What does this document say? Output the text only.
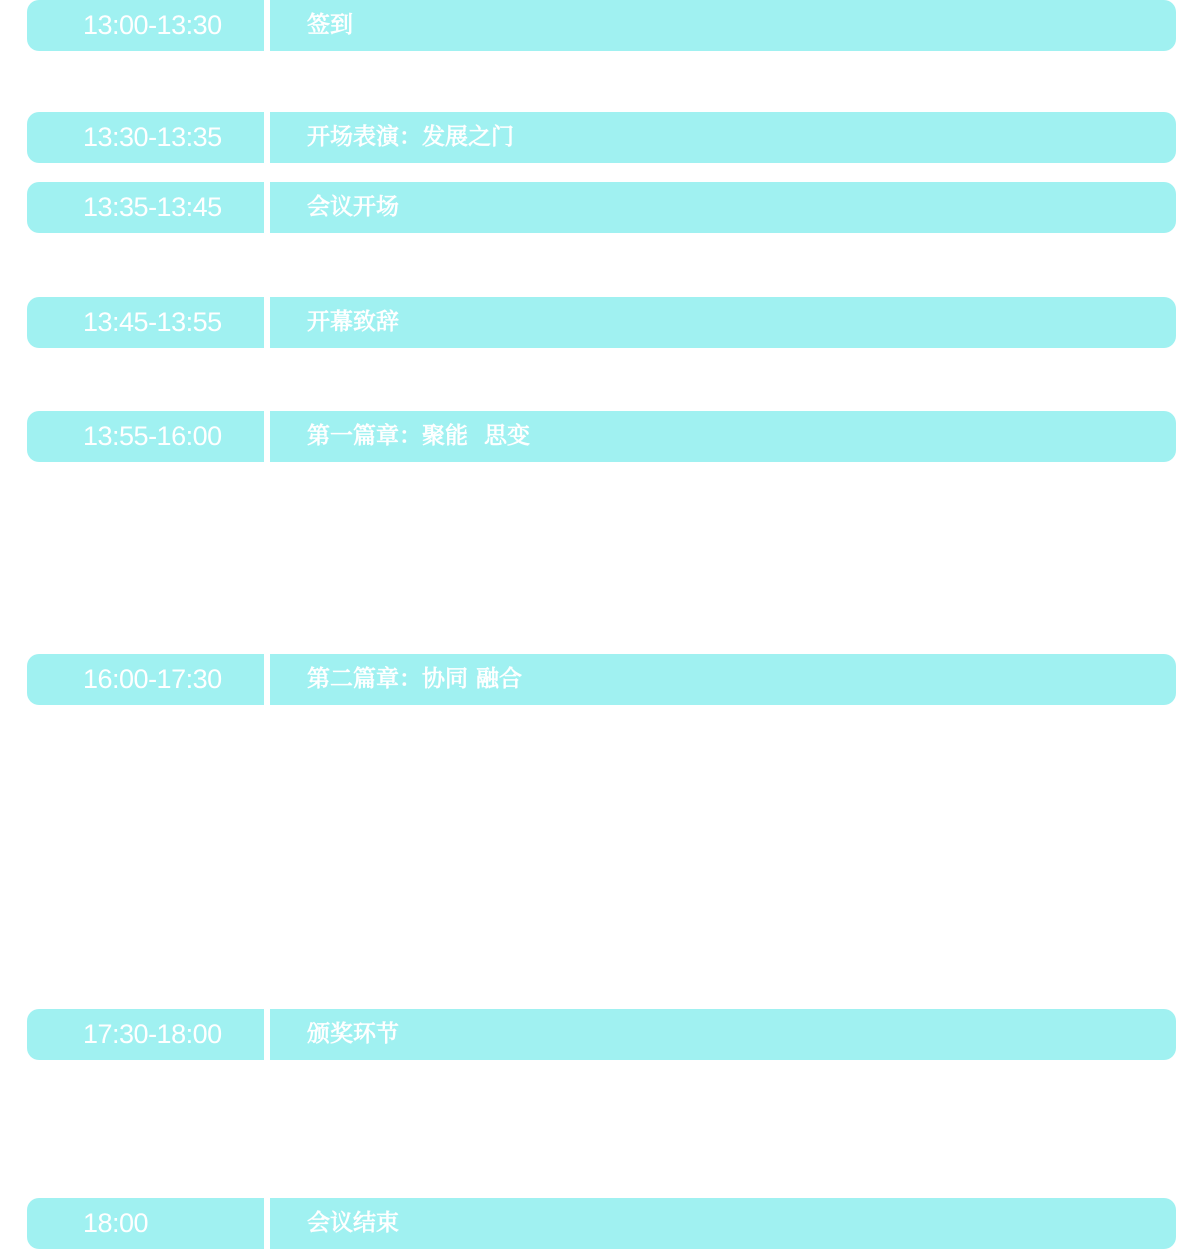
13:00-13:30	签到
13:30-13:35	开场表演：发展之门
13:35-13:45	会议开场
13:45-13:55	开幕致辞
13:55-16:00	第一篇章：聚能  思变
16:00-17:30	第二篇章：协同 融合
17:30-18:00	颁奖环节
18:00	会议结束
